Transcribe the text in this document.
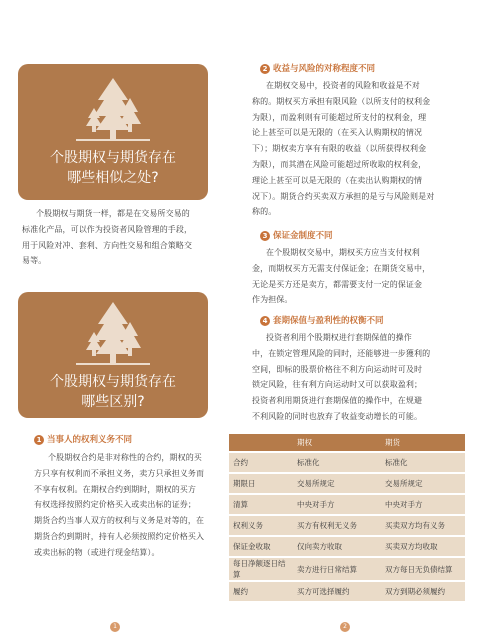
个股期权与期货存在
哪些相似之处?
个股期权与期货一样，都是在交易所交易的
标准化产品，可以作为投资者风险管理的手段，
用于风险对冲、套利、方向性交易和组合策略交
易等。
个股期权与期货存在
哪些区别?
1 当事人的权利义务不同
个股期权合约是非对称性的合约，期权的买
方只享有权利而不承担义务，卖方只承担义务而
不享有权利。在期权合约到期时，期权的买方
有权选择按照约定价格买入或卖出标的证券；
期货合约当事人双方的权利与义务是对等的，在
期货合约到期时，持有人必须按照约定价格买入
或卖出标的物（或进行现金结算）。
1
2 收益与风险的对称程度不同
在期权交易中，投资者的风险和收益是不对
称的。期权买方承担有限风险（以所支付的权利金
为限），而盈利则有可能超过所支付的权利金，理
论上甚至可以是无限的（在买入认购期权的情况
下）；期权卖方享有有限的收益（以所获得权利金
为限），而其潜在风险可能超过所收取的权利金，
理论上甚至可以是无限的（在卖出认购期权的情
况下）。期货合约买卖双方承担的是亏与风险则是对
称的。
3 保证金制度不同
在个股期权交易中，期权买方应当支付权利
金，而期权买方无需支付保证金；在期货交易中，
无论是买方还是卖方，都需要支付一定的保证金
作为担保。
4 套期保值与盈利性的权衡不同
投资者利用个股期权进行套期保值的操作
中，在锁定管理风险的同时，还能够进一步獲利的
空间，即标的股票价格往不利方向运动时可及时
锁定风险，往有利方向运动时又可以获取盈利；
投资者利用期货进行套期保值的操作中，在规避
不利风险的同时也放弃了收益变动增长的可能。
	期权	期货
合约	标准化	标准化
期限日	交易所规定	交易所规定
清算	中央对手方	中央对手方
权利义务	买方有权利无义务	买卖双方均有义务
保证金收取	仅向卖方收取	买卖双方均收取
每日净额逐日结算	卖方进行日常结算	双方每日无负债结算
履约	买方可选择履约	双方到期必须履约
2
